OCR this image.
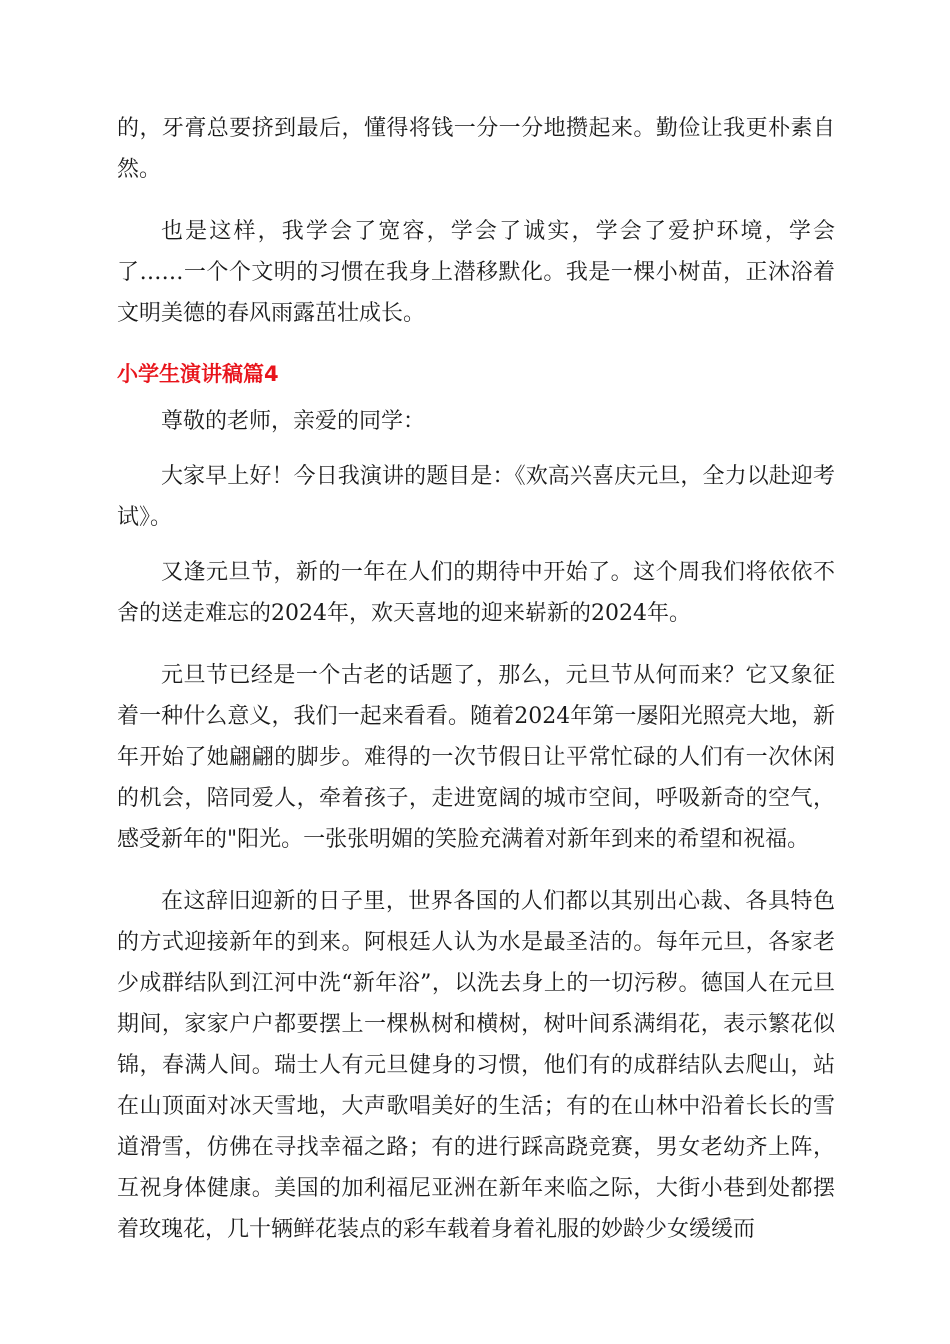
的，牙膏总要挤到最后，懂得将钱一分一分地攒起来。勤俭让我更朴素自然。

也是这样，我学会了宽容，学会了诚实，学会了爱护环境，学会了……一个个文明的习惯在我身上潜移默化。我是一棵小树苗，正沐浴着文明美德的春风雨露茁壮成长。

小学生演讲稿篇4

尊敬的老师，亲爱的同学：

大家早上好！今日我演讲的题目是：《欢高兴喜庆元旦，全力以赴迎考试》。

又逢元旦节，新的一年在人们的期待中开始了。这个周我们将依依不舍的送走难忘的2024年，欢天喜地的迎来崭新的2024年。

元旦节已经是一个古老的话题了，那么，元旦节从何而来？它又象征着一种什么意义，我们一起来看看。随着2024年第一屡阳光照亮大地，新年开始了她翩翩的脚步。难得的一次节假日让平常忙碌的人们有一次休闲的机会，陪同爱人，牵着孩子，走进宽阔的城市空间，呼吸新奇的空气，感受新年的"阳光。一张张明媚的笑脸充满着对新年到来的希望和祝福。

在这辞旧迎新的日子里，世界各国的人们都以其别出心裁、各具特色的方式迎接新年的到来。阿根廷人认为水是最圣洁的。每年元旦，各家老少成群结队到江河中洗“新年浴”，以洗去身上的一切污秽。德国人在元旦期间，家家户户都要摆上一棵枞树和横树，树叶间系满绢花，表示繁花似锦，春满人间。瑞士人有元旦健身的习惯，他们有的成群结队去爬山，站在山顶面对冰天雪地，大声歌唱美好的生活；有的在山林中沿着长长的雪道滑雪，仿佛在寻找幸福之路；有的进行踩高跷竞赛，男女老幼齐上阵，互祝身体健康。美国的加利福尼亚洲在新年来临之际，大街小巷到处都摆着玫瑰花，几十辆鲜花装点的彩车载着身着礼服的妙龄少女缓缓而
